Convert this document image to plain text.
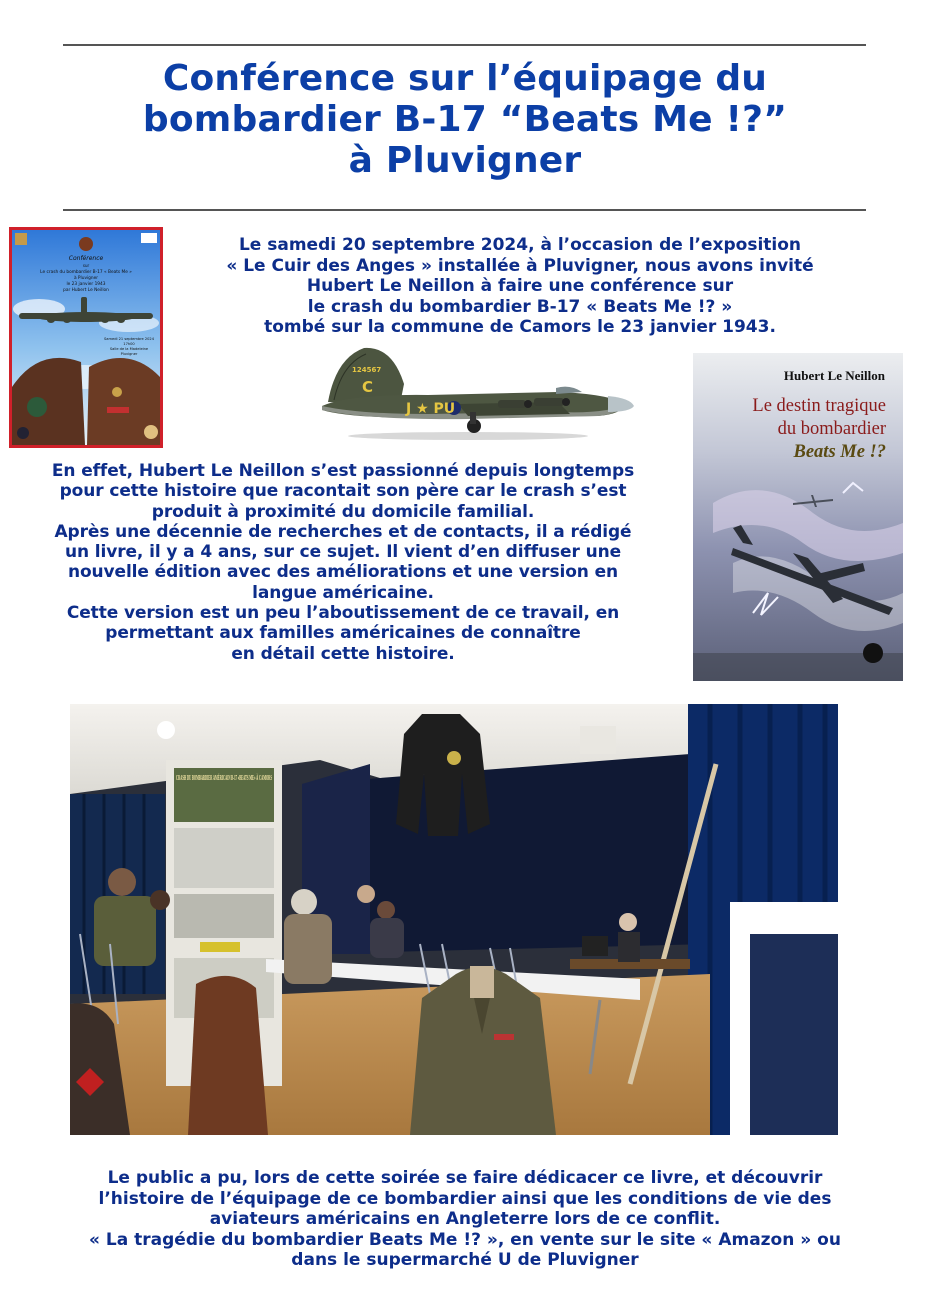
Conférence sur l’équipage du
bombardier B-17 “Beats Me !?”
à Pluvigner
Conférence
sur
Le crash du bombardier B-17 « Beats Me »
à Pluvigner
le 23 janvier 1943
par Hubert Le Neillon
Samedi 21 septembre 2024
17h00
Salle de la Madeleine
Pluvigner
Le samedi 20 septembre 2024, à l’occasion de l’exposition
« Le Cuir des Anges » installée à Pluvigner, nous avons invité
Hubert Le Neillon à faire une conférence sur
le crash du bombardier B-17 « Beats Me !? »
tombé sur la commune de Camors le 23 janvier 1943.
124567
C
J ★ PU
Hubert Le Neillon
Le destin tragique
du bombardier
Beats Me !?
En effet, Hubert Le Neillon s’est passionné depuis longtemps
pour cette histoire que racontait son père car le crash s’est
produit à proximité du domicile familial.
Après une décennie de recherches et de contacts, il a rédigé
un livre, il y a 4 ans, sur ce sujet. Il vient d’en diffuser une
nouvelle édition avec des améliorations et une version en
langue américaine.
Cette version est un peu l’aboutissement de ce travail, en
permettant aux familles américaines de connaître
en détail cette histoire.
Le public a pu, lors de cette soirée se faire dédicacer ce livre, et découvrir
l’histoire de l’équipage de ce bombardier ainsi que les conditions de vie des
aviateurs américains en Angleterre lors de ce conflit.
« La tragédie du bombardier Beats Me !? », en vente sur le site « Amazon » ou
dans le supermarché U de Pluvigner
